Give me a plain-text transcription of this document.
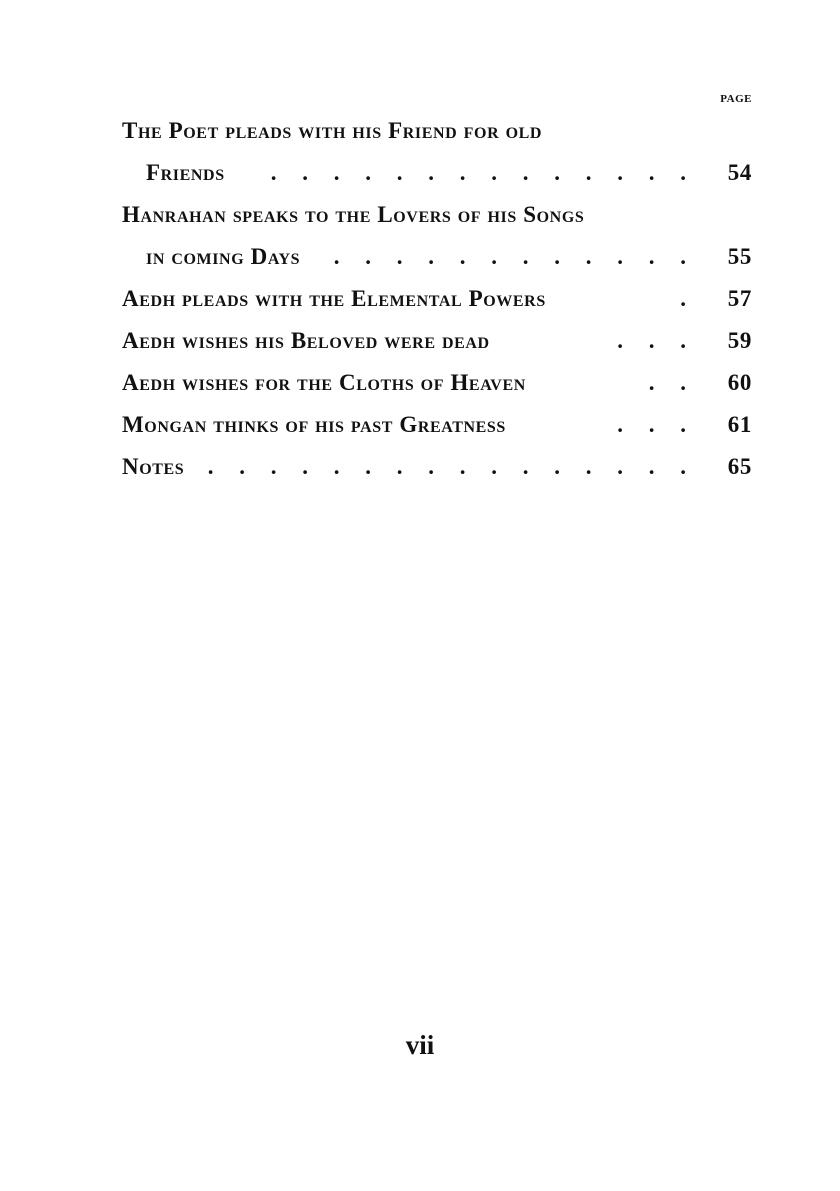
PAGE
The Poet pleads with his Friend for old
Friends . . . . . . . . . . . . . .	54
Hanrahan speaks to the Lovers of his Songs
in coming Days . . . . . . . . . . . .	55
Aedh pleads with the Elemental Powers	.	57
Aedh wishes his Beloved were dead	. . .	59
Aedh wishes for the Cloths of Heaven	. .	60
Mongan thinks of his past Greatness	. . .	61
Notes . . . . . . . . . . . . . . . .	65
vii
